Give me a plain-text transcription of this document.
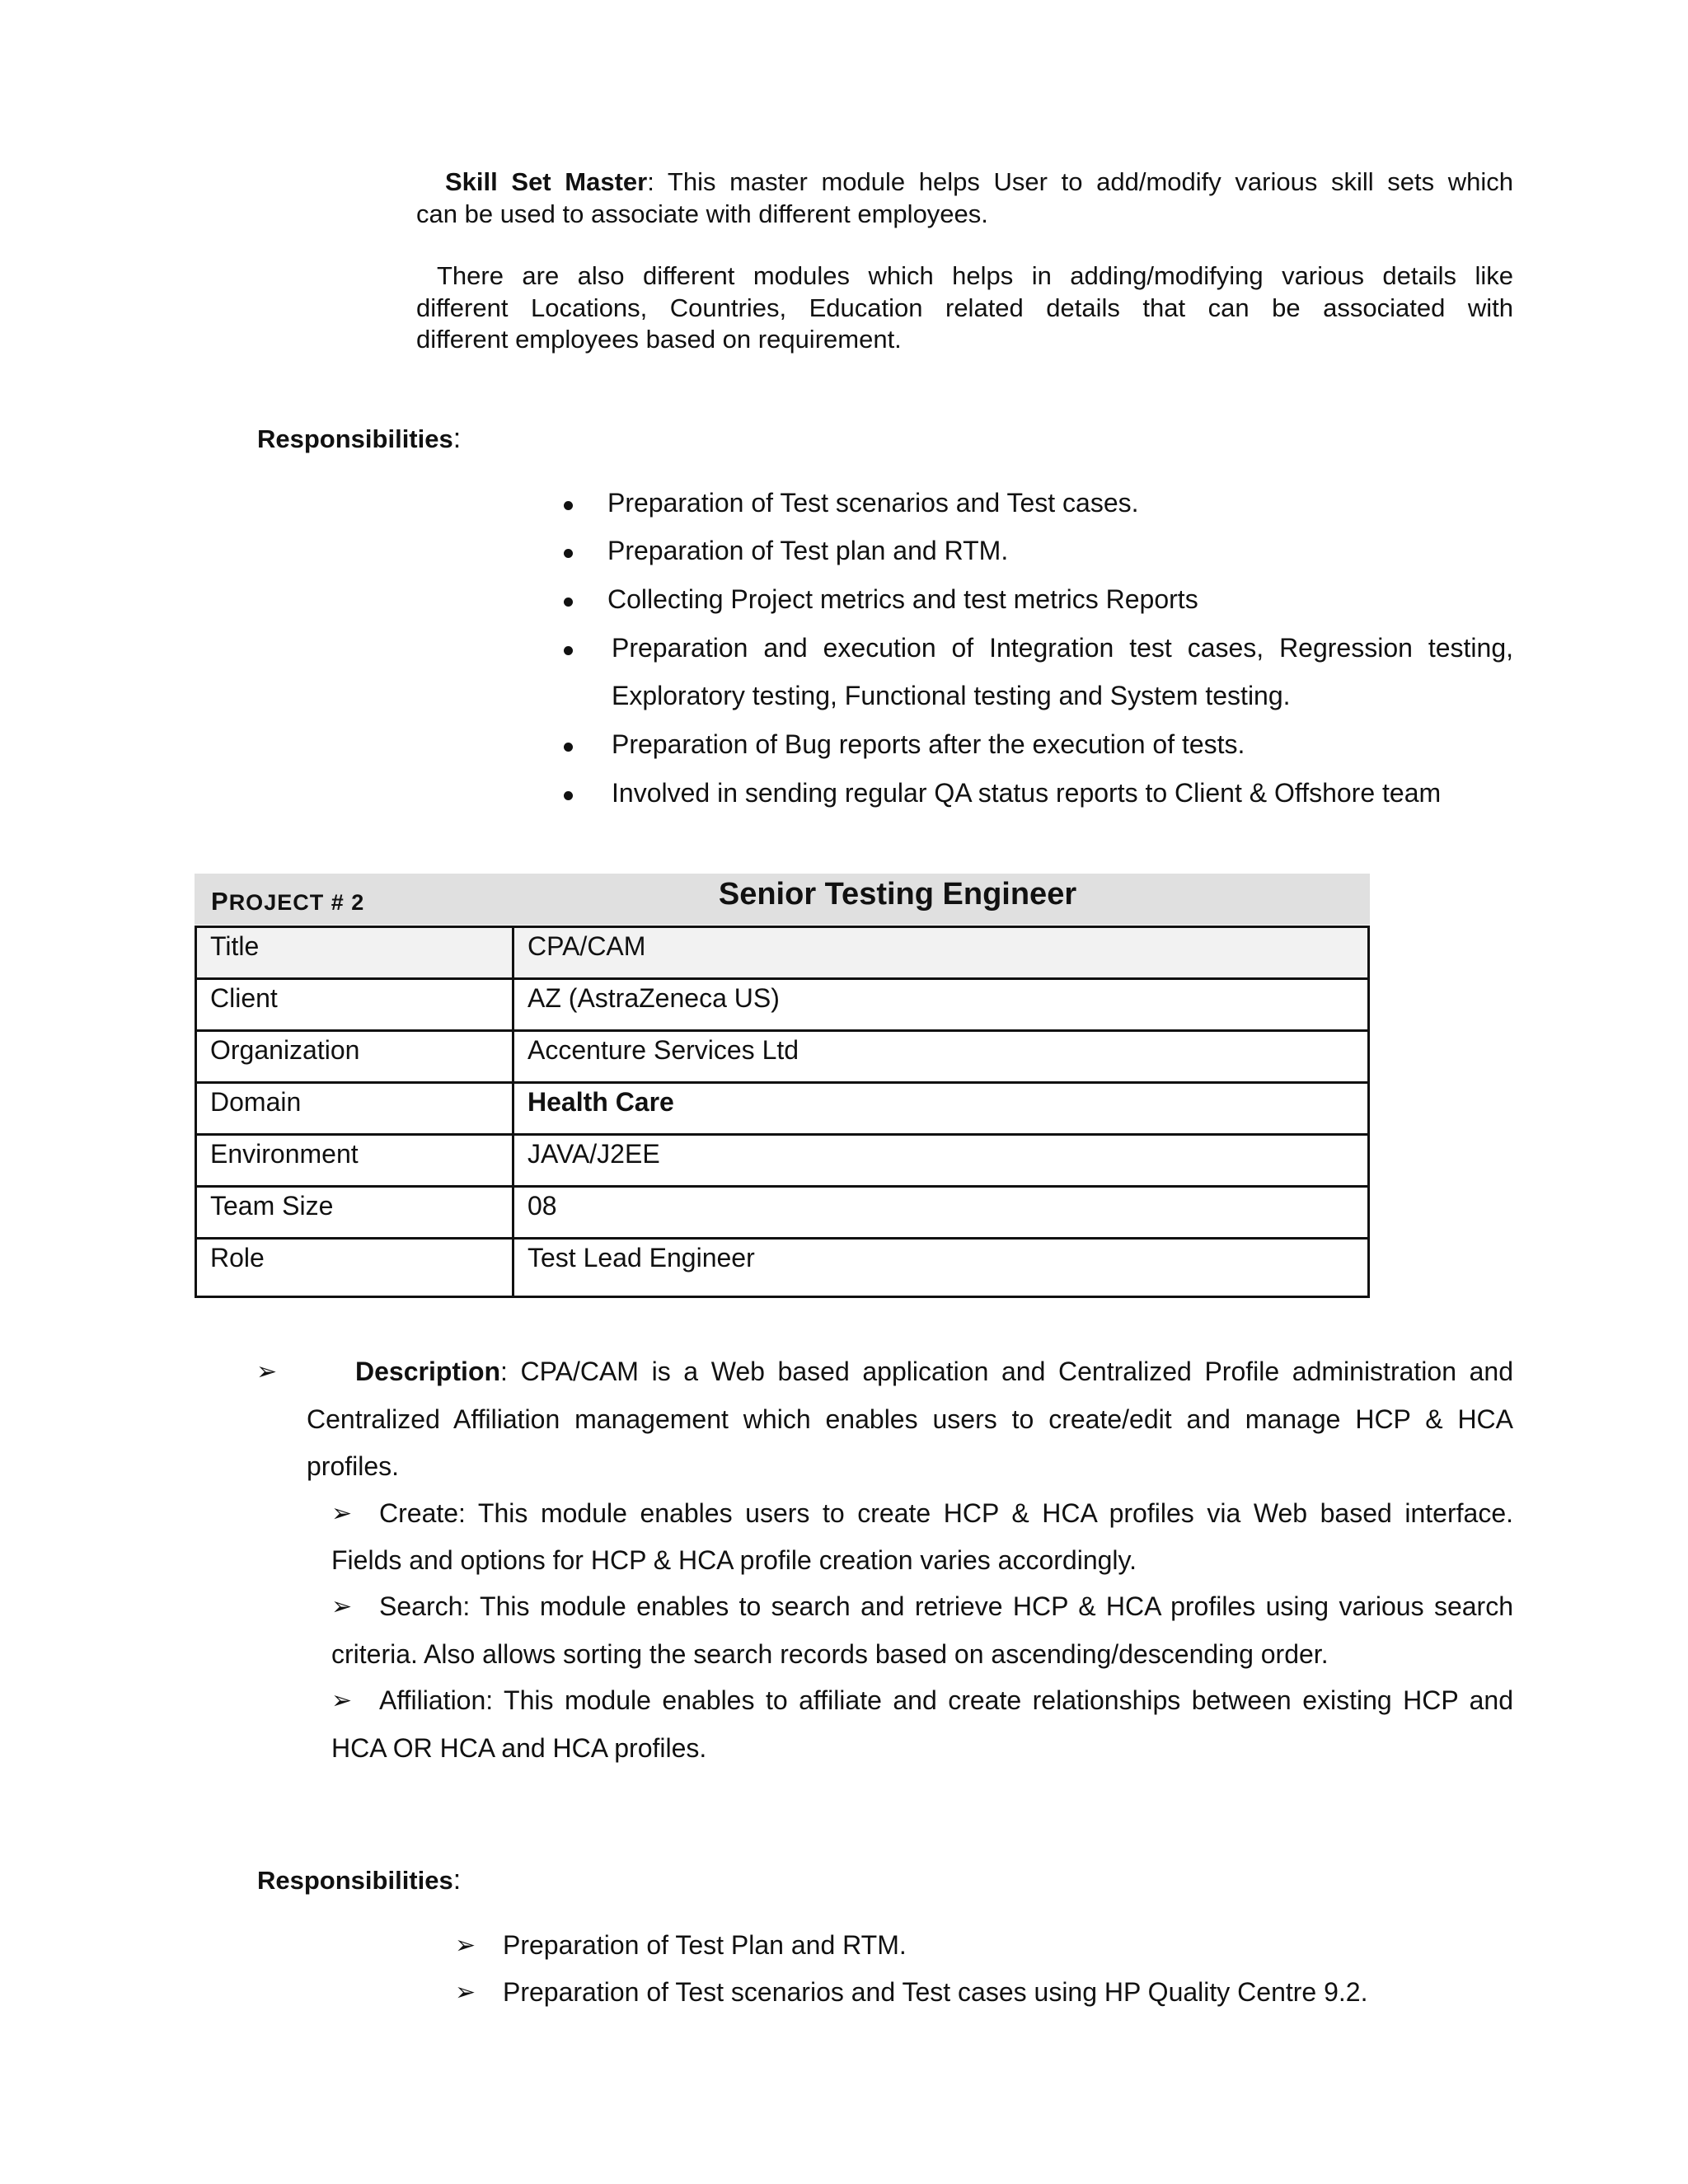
Skill Set Master: This master module helps User to add/modify various skill sets which
can be used to associate with different employees.
There are also different modules which helps in adding/modifying various details like
different Locations, Countries, Education related details that can be associated with
different employees based on requirement.
Responsibilities:
Preparation of Test scenarios and Test cases.
Preparation of Test plan and RTM.
Collecting Project metrics and test metrics Reports
Preparation and execution of Integration test cases, Regression testing,
Exploratory testing, Functional testing and System testing.
Preparation of Bug reports after the execution of tests.
Involved in sending regular QA status reports to Client & Offshore team
PROJECT # 2	Senior Testing Engineer
Title	CPA/CAM
Client	AZ (AstraZeneca US)
Organization	Accenture Services Ltd
Domain	Health Care
Environment	JAVA/J2EE
Team Size	08
Role	Test Lead Engineer
➢	Description: CPA/CAM is a Web based application and Centralized Profile administration and
Centralized Affiliation management which enables users to create/edit and manage HCP & HCA
profiles.
➢ Create: This module enables users to create HCP & HCA profiles via Web based interface.
Fields and options for HCP & HCA profile creation varies accordingly.
➢ Search: This module enables to search and retrieve HCP & HCA profiles using various search
criteria. Also allows sorting the search records based on ascending/descending order.
➢ Affiliation: This module enables to affiliate and create relationships between existing HCP and
HCA OR HCA and HCA profiles.
Responsibilities:
➢ Preparation of Test Plan and RTM.
➢ Preparation of Test scenarios and Test cases using HP Quality Centre 9.2.
